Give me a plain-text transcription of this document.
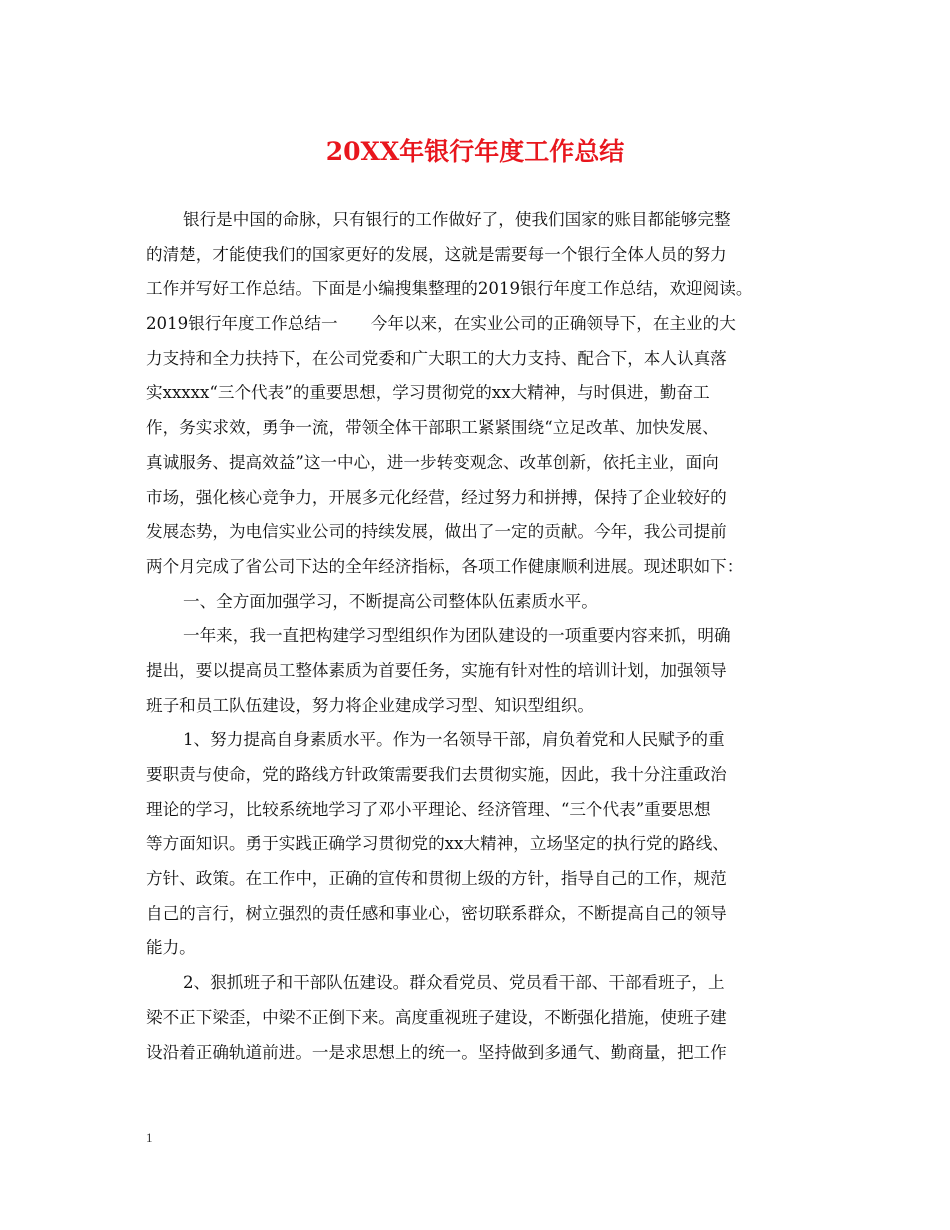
20XX年银行年度工作总结
银行是中国的命脉，只有银行的工作做好了，使我们国家的账目都能够完整
的清楚，才能使我们的国家更好的发展，这就是需要每一个银行全体人员的努力
工作并写好工作总结。下面是小编搜集整理的2019银行年度工作总结，欢迎阅读。
2019银行年度工作总结一　　今年以来，在实业公司的正确领导下，在主业的大
力支持和全力扶持下，在公司党委和广大职工的大力支持、配合下，本人认真落
实xxxxx“三个代表”的重要思想，学习贯彻党的xx大精神，与时俱进，勤奋工
作，务实求效，勇争一流，带领全体干部职工紧紧围绕“立足改革、加快发展、
真诚服务、提高效益”这一中心，进一步转变观念、改革创新，依托主业，面向
市场，强化核心竞争力，开展多元化经营，经过努力和拼搏，保持了企业较好的
发展态势，为电信实业公司的持续发展，做出了一定的贡献。今年，我公司提前
两个月完成了省公司下达的全年经济指标，各项工作健康顺利进展。现述职如下：
一、全方面加强学习，不断提高公司整体队伍素质水平。
一年来，我一直把构建学习型组织作为团队建设的一项重要内容来抓，明确
提出，要以提高员工整体素质为首要任务，实施有针对性的培训计划，加强领导
班子和员工队伍建设，努力将企业建成学习型、知识型组织。
1、努力提高自身素质水平。作为一名领导干部，肩负着党和人民赋予的重
要职责与使命，党的路线方针政策需要我们去贯彻实施，因此，我十分注重政治
理论的学习，比较系统地学习了邓小平理论、经济管理、“三个代表”重要思想
等方面知识。勇于实践正确学习贯彻党的xx大精神，立场坚定的执行党的路线、
方针、政策。在工作中，正确的宣传和贯彻上级的方针，指导自己的工作，规范
自己的言行，树立强烈的责任感和事业心，密切联系群众，不断提高自己的领导
能力。
2、狠抓班子和干部队伍建设。群众看党员、党员看干部、干部看班子，上
梁不正下梁歪，中梁不正倒下来。高度重视班子建设，不断强化措施，使班子建
设沿着正确轨道前进。一是求思想上的统一。坚持做到多通气、勤商量，把工作
1
